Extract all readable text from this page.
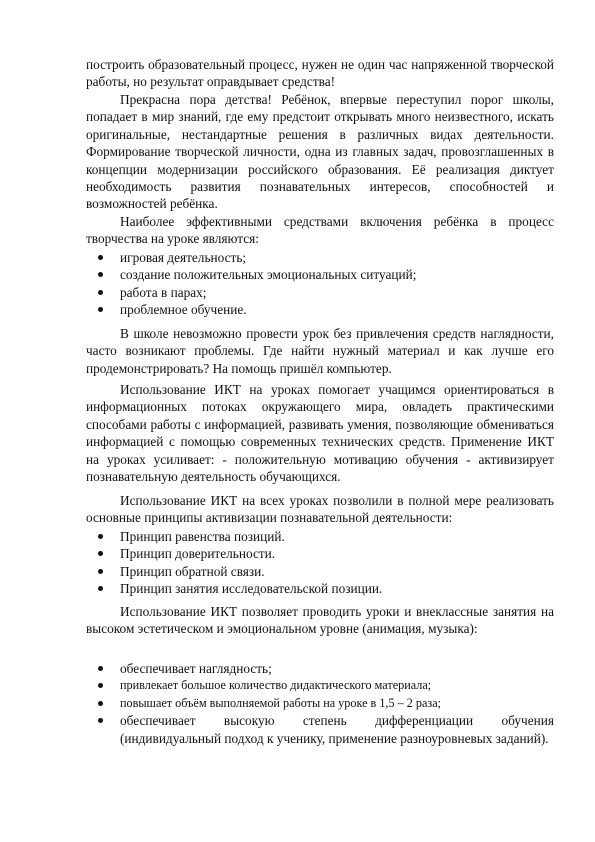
построить образовательный процесс, нужен не один час напряженной творческой работы, но результат оправдывает средства!

Прекрасна пора детства! Ребёнок, впервые переступил порог школы, попадает в мир знаний, где ему предстоит открывать много неизвестного, искать оригинальные, нестандартные решения в различных видах деятельности. Формирование творческой личности, одна из главных задач, провозглашенных в концепции модернизации российского образования. Её реализация диктует необходимость развития познавательных интересов, способностей и возможностей ребёнка.

Наиболее эффективными средствами включения ребёнка в процесс творчества на уроке являются:

игровая деятельность;
создание положительных эмоциональных ситуаций;
работа в парах;
проблемное обучение.

В школе невозможно провести урок без привлечения средств наглядности, часто возникают проблемы. Где найти нужный материал и как лучше его продемонстрировать? На помощь пришёл компьютер.

Использование ИКТ на уроках помогает учащимся ориентироваться в информационных потоках окружающего мира, овладеть практическими способами работы с информацией, развивать умения, позволяющие обмениваться информацией с помощью современных технических средств. Применение ИКТ на уроках усиливает: - положительную мотивацию обучения - активизирует познавательную деятельность обучающихся.

Использование ИКТ на всех уроках позволили в полной мере реализовать основные принципы активизации познавательной деятельности:

Принцип равенства позиций.
Принцип доверительности.
Принцип обратной связи.
Принцип занятия исследовательской позиции.

Использование ИКТ позволяет проводить уроки и внеклассные занятия на высоком эстетическом и эмоциональном уровне (анимация, музыка):

обеспечивает наглядность;
привлекает большое количество дидактического материала;
повышает объём выполняемой работы на уроке в 1,5 – 2 раза;
обеспечивает высокую степень дифференциации обучения (индивидуальный подход к ученику, применение разноуровневых заданий).
